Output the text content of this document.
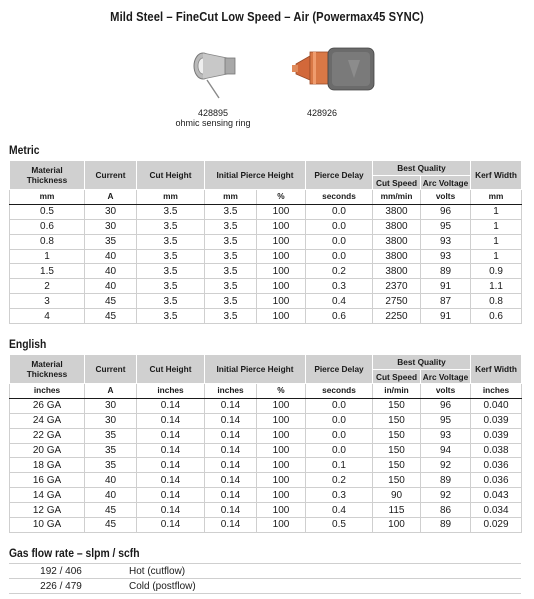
Mild Steel – FineCut Low Speed – Air (Powermax45 SYNC)
428895
ohmic sensing ring
428926
Metric
Material Thickness	Current	Cut Height	Initial Pierce Height		Pierce Delay	Best Quality		Kerf Width
						Cut Speed	Arc Voltage	
mm	A	mm	mm	%	seconds	mm/min	volts	mm
0.5	30	3.5	3.5	100	0.0	3800	96	1
0.6	30	3.5	3.5	100	0.0	3800	95	1
0.8	35	3.5	3.5	100	0.0	3800	93	1
1	40	3.5	3.5	100	0.0	3800	93	1
1.5	40	3.5	3.5	100	0.2	3800	89	0.9
2	40	3.5	3.5	100	0.3	2370	91	1.1
3	45	3.5	3.5	100	0.4	2750	87	0.8
4	45	3.5	3.5	100	0.6	2250	91	0.6
English
Material Thickness	Current	Cut Height	Initial Pierce Height		Pierce Delay	Best Quality		Kerf Width
						Cut Speed	Arc Voltage	
inches	A	inches	inches	%	seconds	in/min	volts	inches
26 GA	30	0.14	0.14	100	0.0	150	96	0.040
24 GA	30	0.14	0.14	100	0.0	150	95	0.039
22 GA	35	0.14	0.14	100	0.0	150	93	0.039
20 GA	35	0.14	0.14	100	0.0	150	94	0.038
18 GA	35	0.14	0.14	100	0.1	150	92	0.036
16 GA	40	0.14	0.14	100	0.2	150	89	0.036
14 GA	40	0.14	0.14	100	0.3	90	92	0.043
12 GA	45	0.14	0.14	100	0.4	115	86	0.034
10 GA	45	0.14	0.14	100	0.5	100	89	0.029
Gas flow rate – slpm / scfh
192 / 406	Hot (cutflow)
226 / 479	Cold (postflow)
